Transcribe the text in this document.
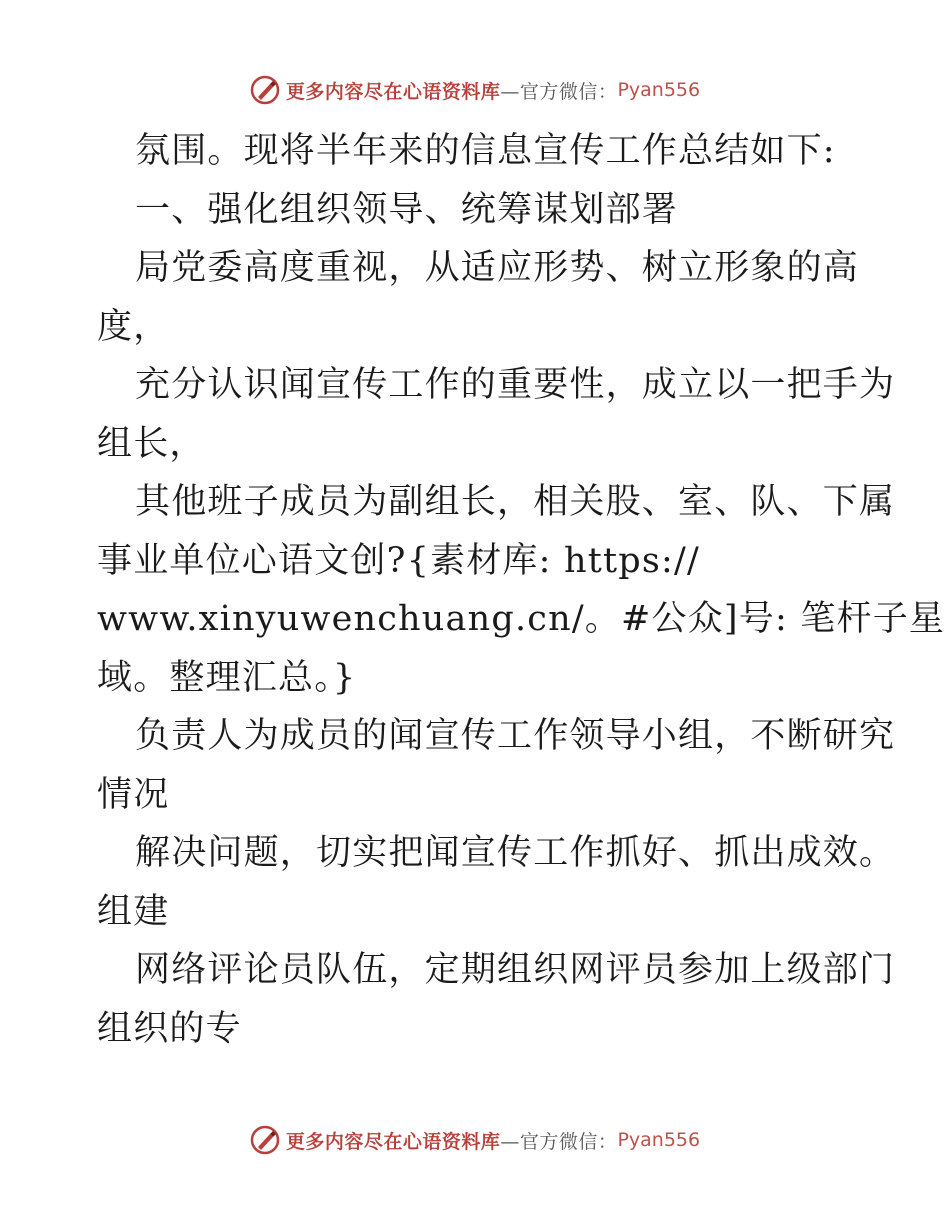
更多内容尽在心语资料库 —官方微信： Pyan556
氛围。现将半年来的信息宣传工作总结如下:
一、强化组织领导、统筹谋划部署
局党委高度重视，从适应形势、树立形象的高
度，
充分认识闻宣传工作的重要性，成立以一把手为
组长，
其他班子成员为副组长，相关股、室、队、下属
事业单位心语文创?{素材库: https://
www.xinyuwenchuang.cn/。#公众]号: 笔杆子星
域。整理汇总。}
负责人为成员的闻宣传工作领导小组，不断研究
情况
解决问题，切实把闻宣传工作抓好、抓出成效。
组建
网络评论员队伍，定期组织网评员参加上级部门
组织的专
更多内容尽在心语资料库 —官方微信： Pyan556
